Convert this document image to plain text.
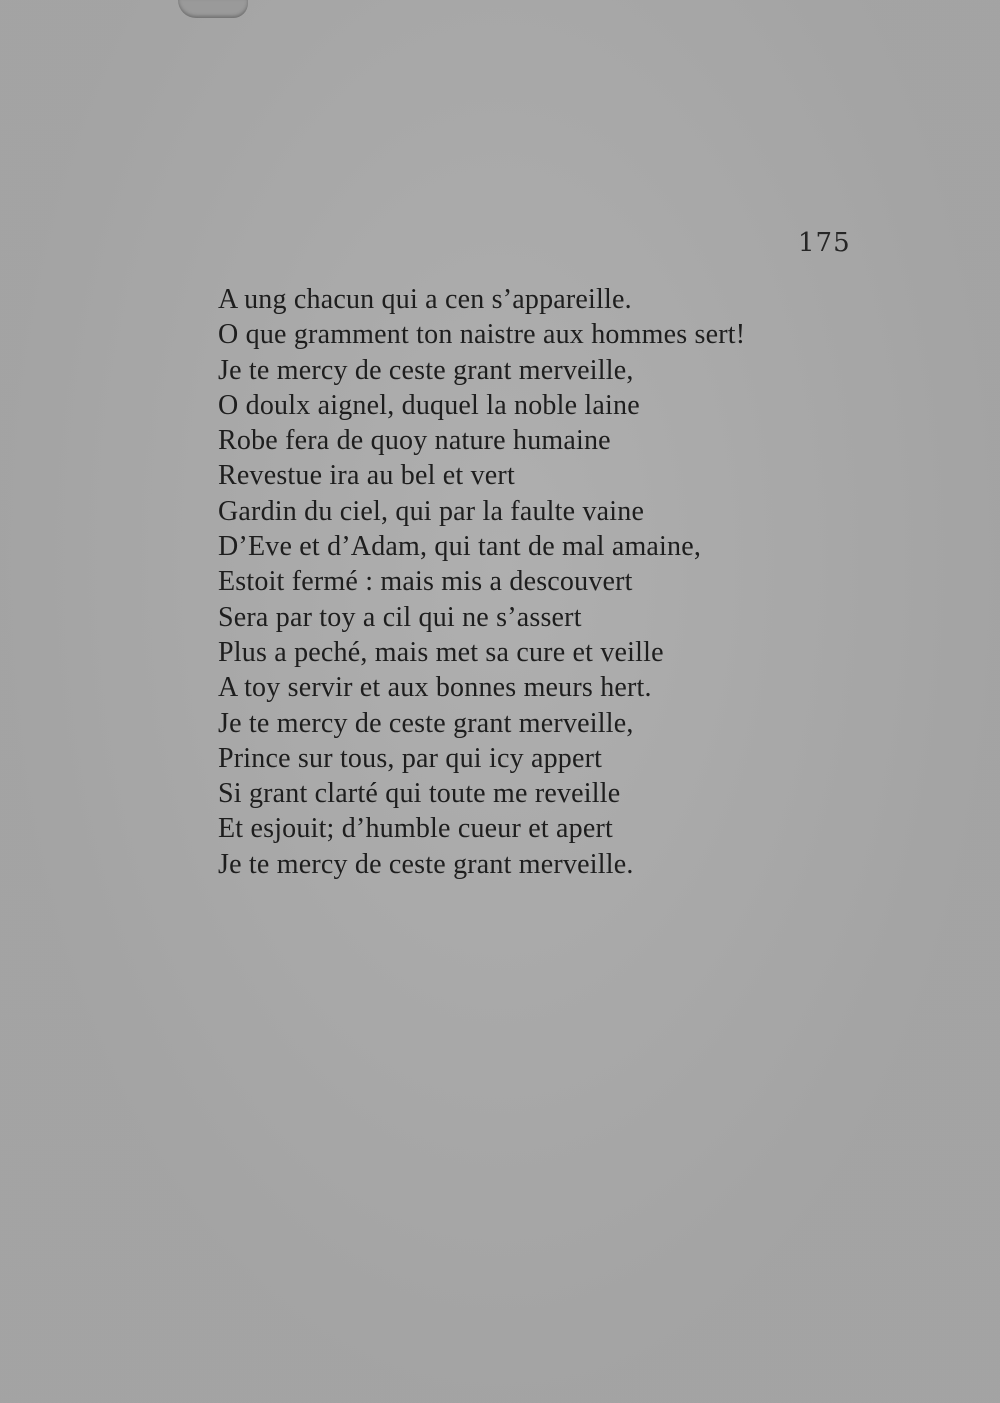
175
A ung chacun qui a cen s’appareille.
O que gramment ton naistre aux hommes sert!
Je te mercy de ceste grant merveille,
O doulx aignel, duquel la noble laine
Robe fera de quoy nature humaine
Revestue ira au bel et vert
Gardin du ciel, qui par la faulte vaine
D’Eve et d’Adam, qui tant de mal amaine,
Estoit fermé : mais mis a descouvert
Sera par toy a cil qui ne s’assert
Plus a peché, mais met sa cure et veille
A toy servir et aux bonnes meurs hert.
Je te mercy de ceste grant merveille,
Prince sur tous, par qui icy appert
Si grant clarté qui toute me reveille
Et esjouit; d’humble cueur et apert
Je te mercy de ceste grant merveille.
